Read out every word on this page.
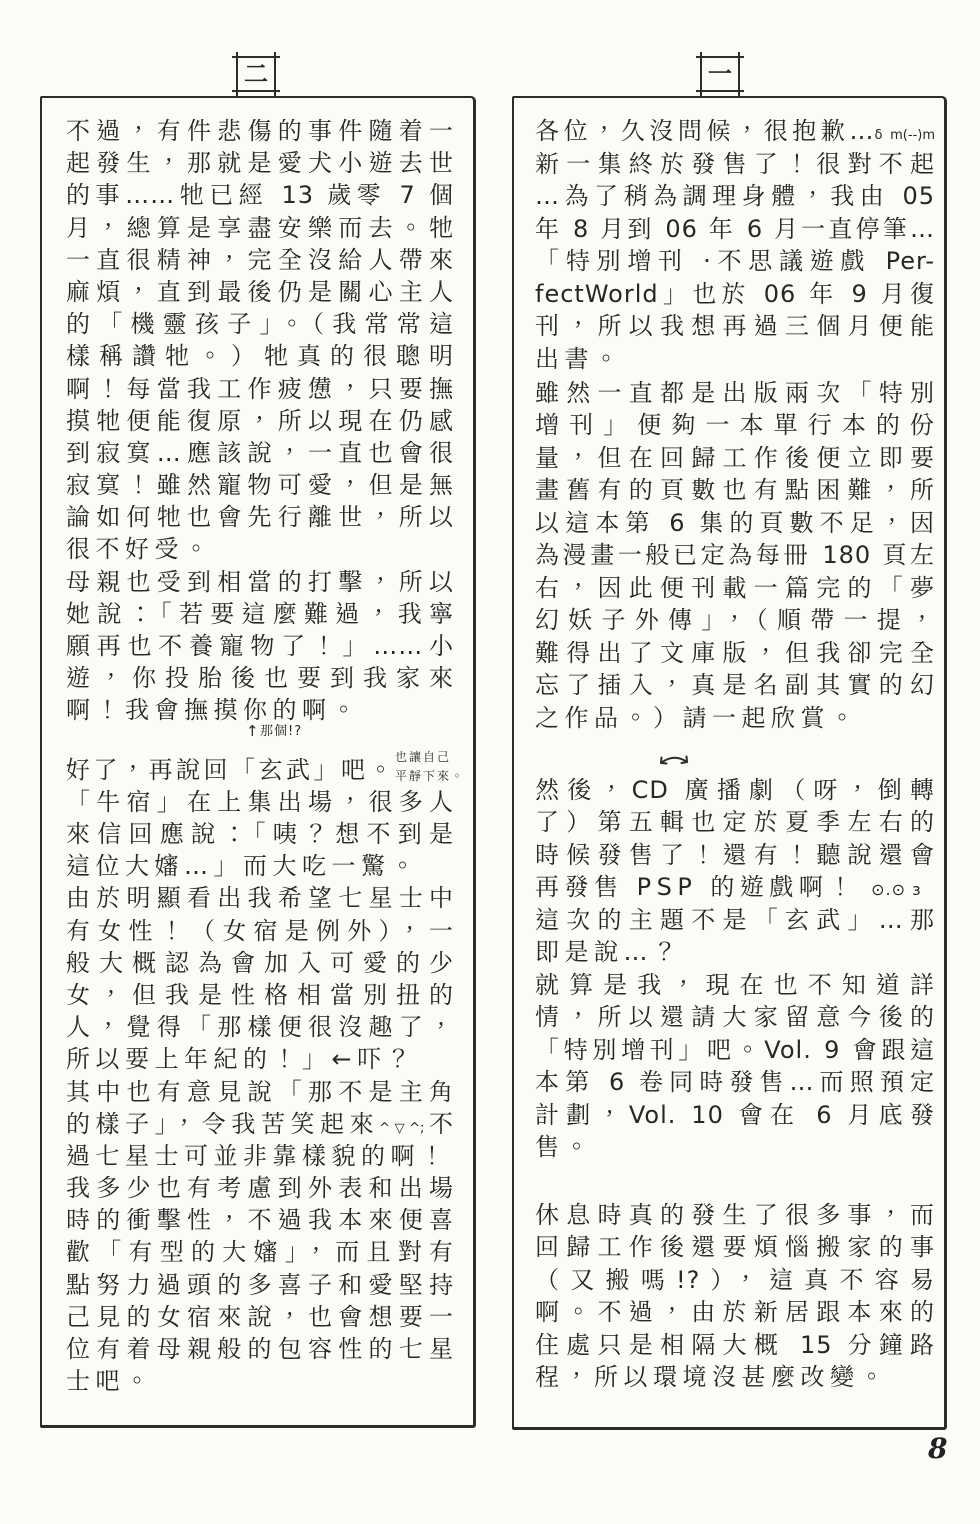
二	一
各位，久沒問候，很抱歉…δ m(--)m
新一集終於發售了！很對不起
…為了稍為調理身體，我由 05
年 8 月到 06 年 6 月一直停筆…
「特別增刊 ·不思議遊戲 Per-
fectWorld」也於 06 年 9 月復
刊，所以我想再過三個月便能
出書。
雖然一直都是出版兩次「特別
增刊」便夠一本單行本的份
量，但在回歸工作後便立即要
畫舊有的頁數也有點困難，所
以這本第 6 集的頁數不足，因
為漫畫一般已定為每冊 180 頁左
右，因此便刊載一篇完的「夢
幻妖子外傳」，（順帶一提，
難得出了文庫版，但我卻完全
忘了插入，真是名副其實的幻
之作品。）請一起欣賞。
然後，CD 廣播劇（呀，倒轉
了）第五輯也定於夏季左右的
時候發售了！還有！聽說還會
再發售 PSP 的遊戲啊！ ⊙.⊙ з
這次的主題不是「玄武」…那
即是說…？
就算是我，現在也不知道詳
情，所以還請大家留意今後的
「特別增刊」吧。Vol. 9 會跟這
本第 6 卷同時發售…而照預定
計劃，Vol. 10 會在 6 月底發
售。
休息時真的發生了很多事，而
回歸工作後還要煩惱搬家的事
（又搬嗎!?），這真不容易
啊。不過，由於新居跟本來的
住處只是相隔大概 15 分鐘路
程，所以環境沒甚麼改變。
不過，有件悲傷的事件隨着一
起發生，那就是愛犬小遊去世
的事……牠已經 13 歲零 7 個
月，總算是享盡安樂而去。牠
一直很精神，完全沒給人帶來
麻煩，直到最後仍是關心主人
的「機靈孩子」。（我常常這
樣稱讚牠。）牠真的很聰明
啊！每當我工作疲憊，只要撫
摸牠便能復原，所以現在仍感
到寂寞…應該說，一直也會很
寂寞！雖然寵物可愛，但是無
論如何牠也會先行離世，所以
很不好受。
母親也受到相當的打擊，所以
她說：「若要這麼難過，我寧
願再也不養寵物了！」……小
遊，你投胎後也要到我家來
啊！我會撫摸你的啊。
↑ 那個!?
好了，再說回「玄武」吧。
「牛宿」在上集出場，很多人
來信回應說：「咦？想不到是
這位大嬸…」而大吃一驚。
由於明顯看出我希望七星士中
有女性！（女宿是例外），一
般大概認為會加入可愛的少
女，但我是性格相當別扭的
人，覺得「那樣便很沒趣了，
所以要上年紀的！」←吓？
其中也有意見說「那不是主角
的樣子」，令我苦笑起來^▽^;不
過七星士可並非靠樣貌的啊！
我多少也有考慮到外表和出場
時的衝擊性，不過我本來便喜
歡「有型的大嬸」，而且對有
點努力過頭的多喜子和愛堅持
己見的女宿來說，也會想要一
位有着母親般的包容性的七星
士吧。
也讓自己
平靜下來。
8
